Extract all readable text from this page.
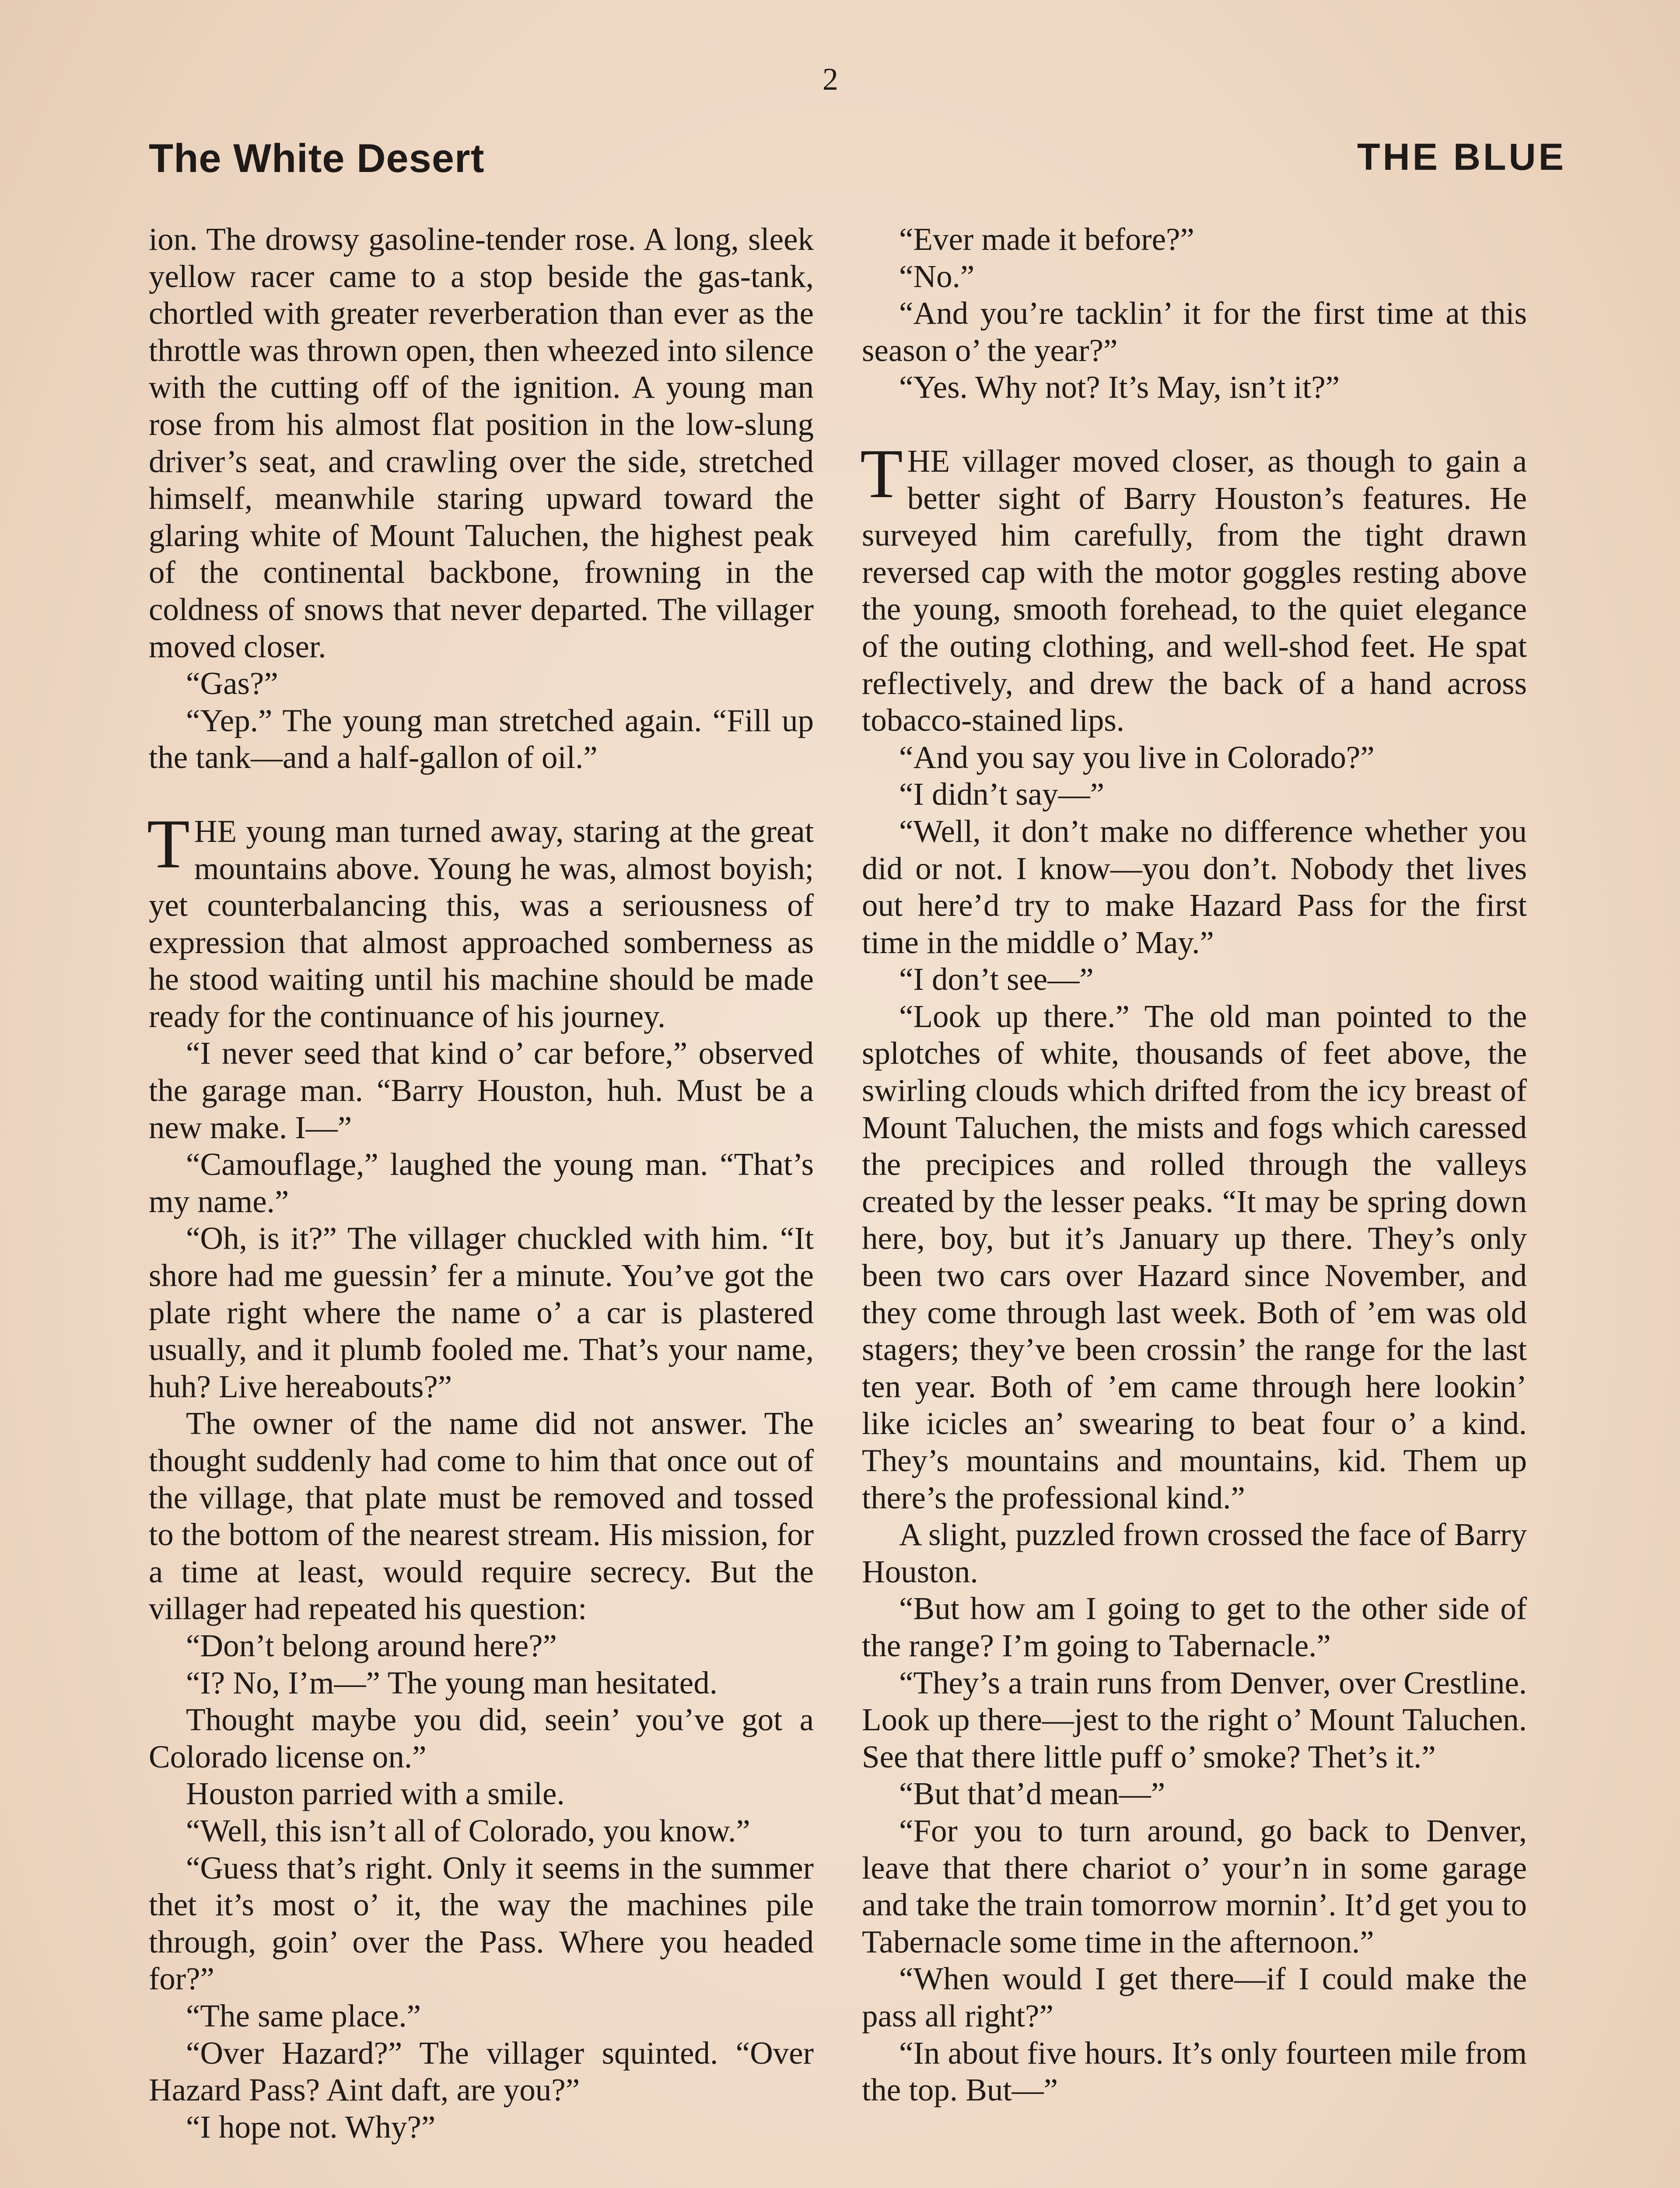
The White Desert	THE BLUE
2

ion. The drowsy gasoline-tender rose. A long, sleek yellow racer came to a stop beside the gas-tank, chortled with greater reverberation than ever as the throttle was thrown open, then wheezed into silence with the cutting off of the ignition. A young man rose from his almost flat position in the low-slung driver’s seat, and crawling over the side, stretched himself, meanwhile staring upward toward the glaring white of Mount Taluchen, the highest peak of the continental backbone, frowning in the coldness of snows that never departed. The villager moved closer.

“Gas?”

“Yep.” The young man stretched again. “Fill up the tank—and a half-gallon of oil.”

THE young man turned away, staring at the great mountains above. Young he was, almost boyish; yet counterbalancing this, was a seriousness of expression that almost approached somberness as he stood waiting until his machine should be made ready for the continuance of his journey.

“I never seed that kind o’ car before,” observed the garage man. “Barry Houston, huh. Must be a new make. I—”

“Camouflage,” laughed the young man. “That’s my name.”

“Oh, is it?” The villager chuckled with him. “It shore had me guessin’ fer a minute. You’ve got the plate right where the name o’ a car is plastered usually, and it plumb fooled me. That’s your name, huh? Live hereabouts?”

The owner of the name did not answer. The thought suddenly had come to him that once out of the village, that plate must be removed and tossed to the bottom of the nearest stream. His mission, for a time at least, would require secrecy. But the villager had repeated his question:

“Don’t belong around here?”

“I? No, I’m—” The young man hesitated.

Thought maybe you did, seein’ you’ve got a Colorado license on.”

Houston parried with a smile.

“Well, this isn’t all of Colorado, you know.”

“Guess that’s right. Only it seems in the summer thet it’s most o’ it, the way the machines pile through, goin’ over the Pass. Where you headed for?”

“The same place.”

“Over Hazard?” The villager squinted. “Over Hazard Pass? Aint daft, are you?”

“I hope not. Why?”

“Ever made it before?”

“No.”

“And you’re tacklin’ it for the first time at this season o’ the year?”

“Yes. Why not? It’s May, isn’t it?”

THE villager moved closer, as though to gain a better sight of Barry Houston’s features. He surveyed him carefully, from the tight drawn reversed cap with the motor goggles resting above the young, smooth forehead, to the quiet elegance of the outing clothing, and well-shod feet. He spat reflectively, and drew the back of a hand across tobacco-stained lips.

“And you say you live in Colorado?”

“I didn’t say—”

“Well, it don’t make no difference whether you did or not. I know—you don’t. Nobody thet lives out here’d try to make Hazard Pass for the first time in the middle o’ May.”

“I don’t see—”

“Look up there.” The old man pointed to the splotches of white, thousands of feet above, the swirling clouds which drifted from the icy breast of Mount Taluchen, the mists and fogs which caressed the precipices and rolled through the valleys created by the lesser peaks. “It may be spring down here, boy, but it’s January up there. They’s only been two cars over Hazard since November, and they come through last week. Both of ’em was old stagers; they’ve been crossin’ the range for the last ten year. Both of ’em came through here lookin’ like icicles an’ swearing to beat four o’ a kind. They’s mountains and mountains, kid. Them up there’s the professional kind.”

A slight, puzzled frown crossed the face of Barry Houston.

“But how am I going to get to the other side of the range? I’m going to Tabernacle.”

“They’s a train runs from Denver, over Crestline. Look up there—jest to the right o’ Mount Taluchen. See that there little puff o’ smoke? Thet’s it.”

“But that’d mean—”

“For you to turn around, go back to Denver, leave that there chariot o’ your’n in some garage and take the train tomorrow mornin’. It’d get you to Tabernacle some time in the afternoon.”

“When would I get there—if I could make the pass all right?”

“In about five hours. It’s only fourteen mile from the top. But—”
